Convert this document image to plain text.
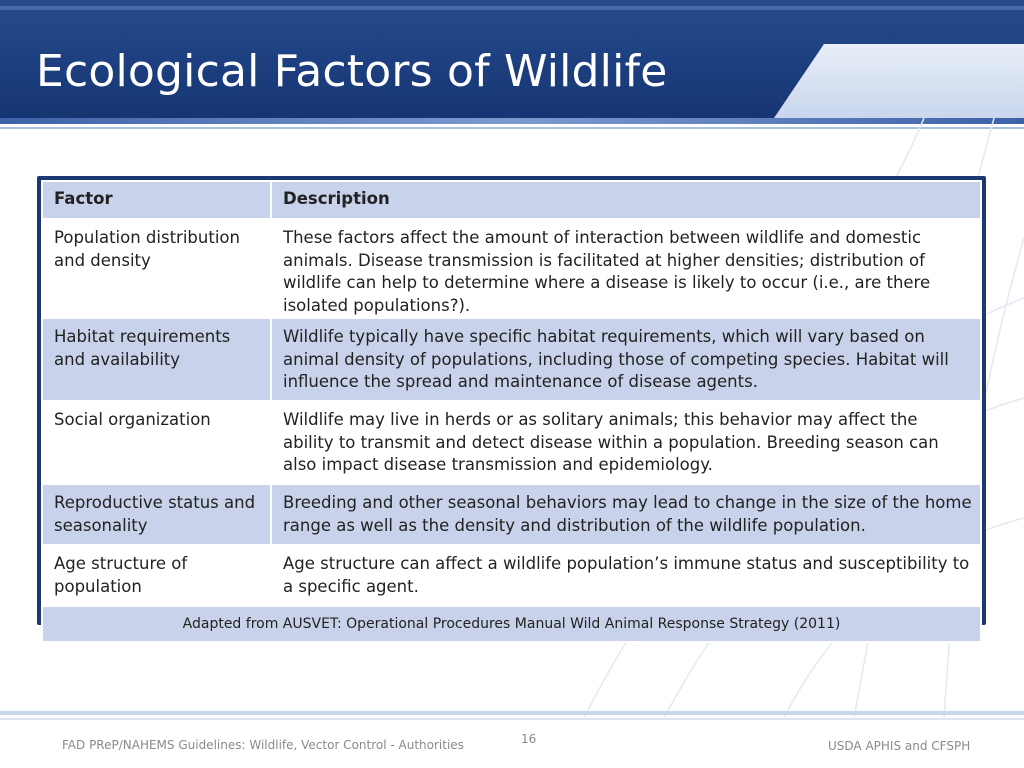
Ecological Factors of Wildlife
Factor	Description
Population distribution and density	These factors affect the amount of interaction between wildlife and domestic animals. Disease transmission is facilitated at higher densities; distribution of wildlife can help to determine where a disease is likely to occur (i.e., are there isolated populations?).
Habitat requirements and availability	Wildlife typically have specific habitat requirements, which will vary based on animal density of populations, including those of competing species. Habitat will influence the spread and maintenance of disease agents.
Social organization	Wildlife may live in herds or as solitary animals; this behavior may affect the ability to transmit and detect disease within a population. Breeding season can also impact disease transmission and epidemiology.
Reproductive status and seasonality	Breeding and other seasonal behaviors may lead to change in the size of the home range as well as the density and distribution of the wildlife population.
Age structure of population	Age structure can affect a wildlife population’s immune status and susceptibility to a specific agent.
Adapted from AUSVET: Operational Procedures Manual Wild Animal Response Strategy (2011)	
FAD PReP/NAHEMS Guidelines: Wildlife, Vector Control - Authorities	16	USDA APHIS and CFSPH
